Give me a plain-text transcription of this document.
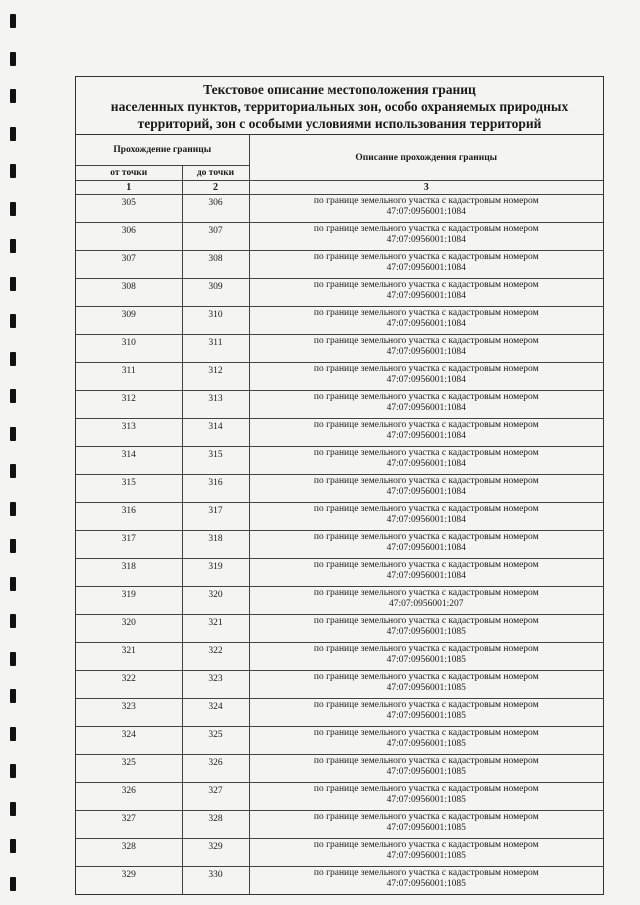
Текстовое описание местоположения границ
населенных пунктов, территориальных зон, особо охраняемых природных
территорий, зон с особыми условиями использования территорий
Прохождение границы		Описание прохождения границы
от точки	до точки	
1	2	3
305	306	по границе земельного участка с кадастровым номером
47:07:0956001:1084

306	307	по границе земельного участка с кадастровым номером
47:07:0956001:1084

307	308	по границе земельного участка с кадастровым номером
47:07:0956001:1084

308	309	по границе земельного участка с кадастровым номером
47:07:0956001:1084

309	310	по границе земельного участка с кадастровым номером
47:07:0956001:1084

310	311	по границе земельного участка с кадастровым номером
47:07:0956001:1084

311	312	по границе земельного участка с кадастровым номером
47:07:0956001:1084

312	313	по границе земельного участка с кадастровым номером
47:07:0956001:1084

313	314	по границе земельного участка с кадастровым номером
47:07:0956001:1084

314	315	по границе земельного участка с кадастровым номером
47:07:0956001:1084

315	316	по границе земельного участка с кадастровым номером
47:07:0956001:1084

316	317	по границе земельного участка с кадастровым номером
47:07:0956001:1084

317	318	по границе земельного участка с кадастровым номером
47:07:0956001:1084

318	319	по границе земельного участка с кадастровым номером
47:07:0956001:1084

319	320	по границе земельного участка с кадастровым номером
47:07:0956001:207

320	321	по границе земельного участка с кадастровым номером
47:07:0956001:1085

321	322	по границе земельного участка с кадастровым номером
47:07:0956001:1085

322	323	по границе земельного участка с кадастровым номером
47:07:0956001:1085

323	324	по границе земельного участка с кадастровым номером
47:07:0956001:1085

324	325	по границе земельного участка с кадастровым номером
47:07:0956001:1085

325	326	по границе земельного участка с кадастровым номером
47:07:0956001:1085

326	327	по границе земельного участка с кадастровым номером
47:07:0956001:1085

327	328	по границе земельного участка с кадастровым номером
47:07:0956001:1085

328	329	по границе земельного участка с кадастровым номером
47:07:0956001:1085

329	330	по границе земельного участка с кадастровым номером
47:07:0956001:1085
